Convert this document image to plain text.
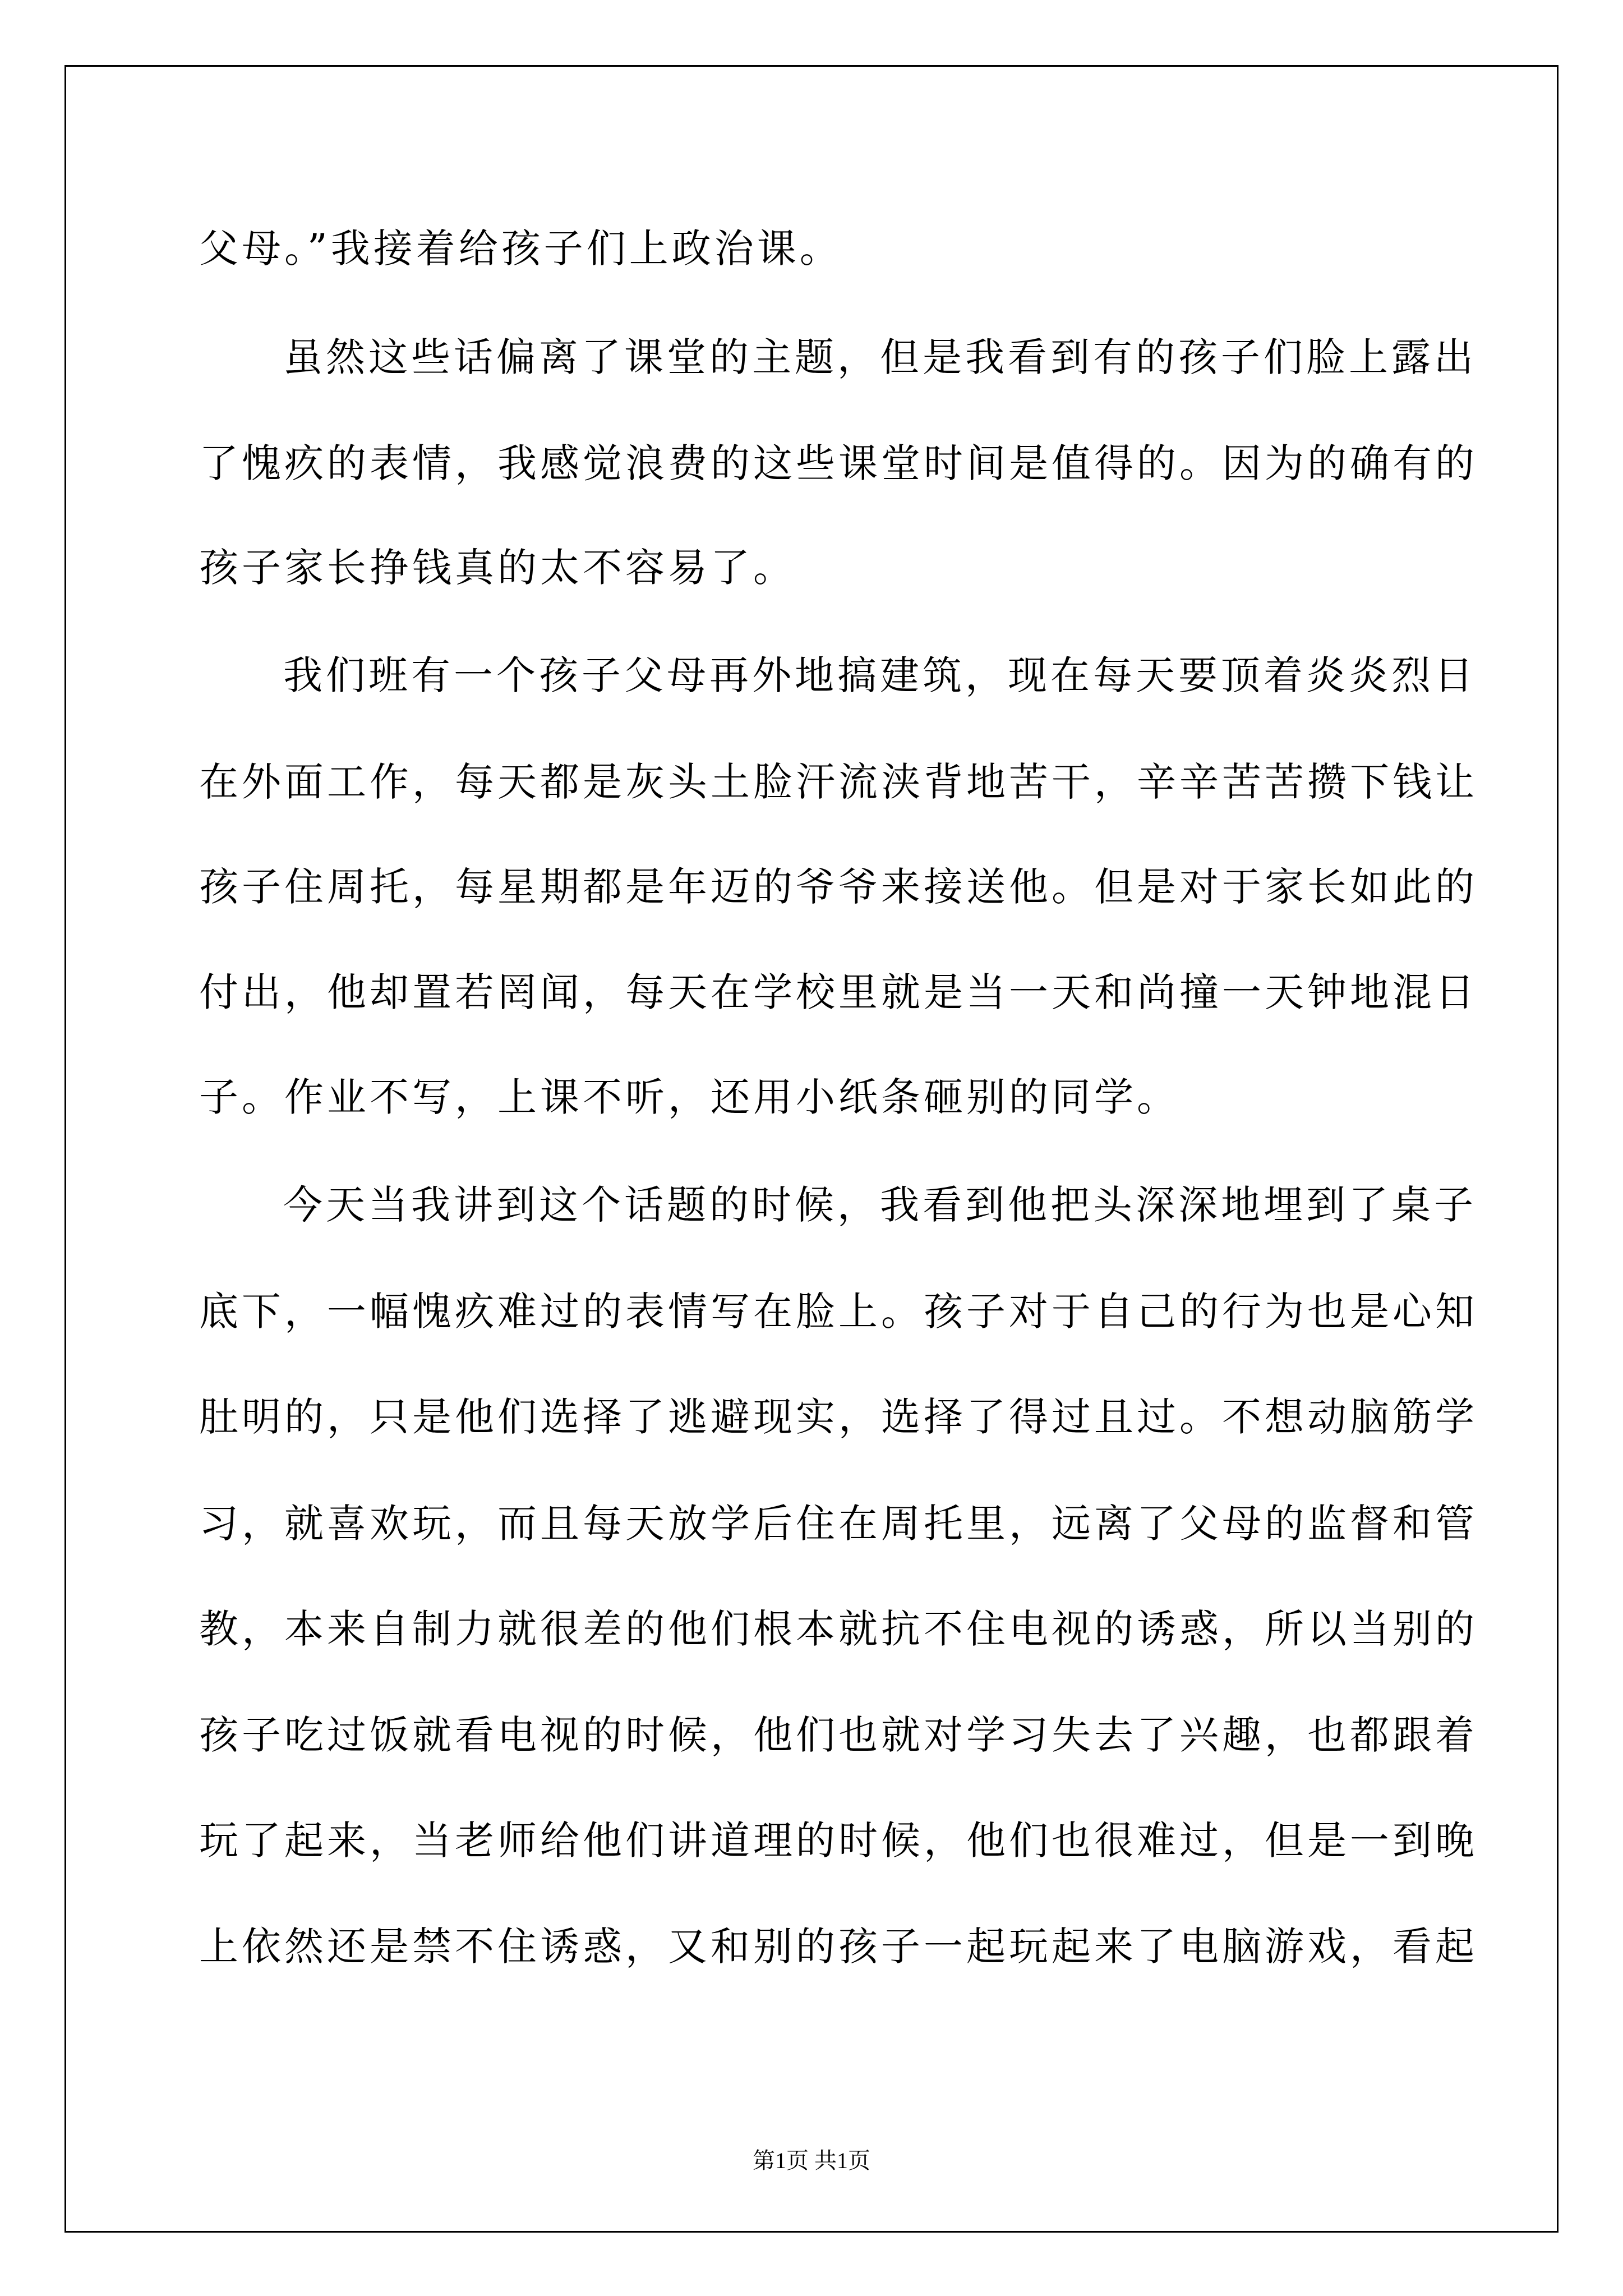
父母。”我接着给孩子们上政治课。
虽然这些话偏离了课堂的主题，但是我看到有的孩子们脸上露出
了愧疚的表情，我感觉浪费的这些课堂时间是值得的。因为的确有的
孩子家长挣钱真的太不容易了。
我们班有一个孩子父母再外地搞建筑，现在每天要顶着炎炎烈日
在外面工作，每天都是灰头土脸汗流浃背地苦干，辛辛苦苦攒下钱让
孩子住周托，每星期都是年迈的爷爷来接送他。但是对于家长如此的
付出，他却置若罔闻，每天在学校里就是当一天和尚撞一天钟地混日
子。作业不写，上课不听，还用小纸条砸别的同学。
今天当我讲到这个话题的时候，我看到他把头深深地埋到了桌子
底下，一幅愧疚难过的表情写在脸上。孩子对于自己的行为也是心知
肚明的，只是他们选择了逃避现实，选择了得过且过。不想动脑筋学
习，就喜欢玩，而且每天放学后住在周托里，远离了父母的监督和管
教，本来自制力就很差的他们根本就抗不住电视的诱惑，所以当别的
孩子吃过饭就看电视的时候，他们也就对学习失去了兴趣，也都跟着
玩了起来，当老师给他们讲道理的时候，他们也很难过，但是一到晚
上依然还是禁不住诱惑，又和别的孩子一起玩起来了电脑游戏，看起
第1页 共1页
